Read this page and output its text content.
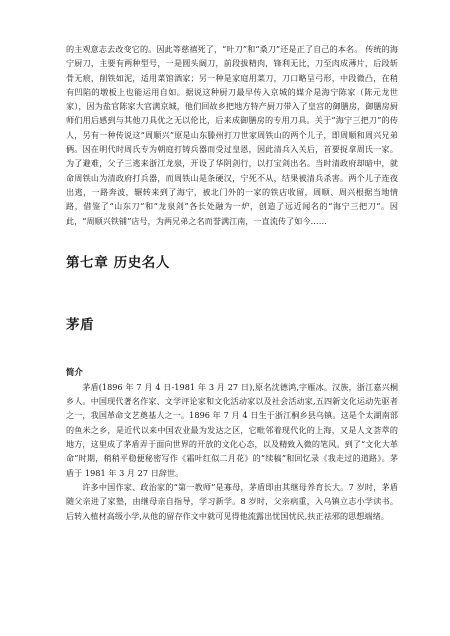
的主观意志去改变它的。因此等慈禧死了，“叶刀”和“桑刀”还是正了自己的本名。 传统的海宁厨刀，主要有两种型号，一是圆头阔刀，前段拔精肉，锋利无比，刀至肉成薄片，后段斩骨无痕，削铁如泥，适用菜馆酒家；另一种是家庭用菜刀，刀口略呈弓形，中段微凸，在稍有凹陷的墩板上也能运用自如。据说这种厨刀最早传入京城的媒介是海宁陈家（陈元龙世家），因为盐官陈家大官满京城，他们回故乡把地方特产厨刀带入了皇宫的御膳房，御膳房厨师们用后感到与其他刀具优之无以伦比，后来成御膳房的专用刀具。关于“海宁三把刀”的传人，另有一种传说这“周顺兴”原是山东滕州打刀世家周铁山的两个儿子，即周顺和周兴兄弟俩。因在明代时周氏专为朝庭打铸兵器而受过皇恩，因此清兵入关后，首要捉拿周氏一家。为了避难，父子三逃来浙江龙泉，开设了华阴剑行，以打宝剑出名。当时清政府却暗中，就命周铁山为清政府打兵器，而周铁山是条硬汉，宁死不从，结果被清兵杀害。两个儿子连夜出逃，一路奔波，辗转来到了海宁，被北门外的一家的铁店收留，周顺、周兴根据当地情路，借鉴了“山东刀”和“龙泉剑”各长处融为一炉，创造了远近闻名的“海宁三把刀”。因此，“周顺兴铁铺”店号，为两兄弟之名而誉满江南，一直流传了如今……

第七章 历史名人
茅盾
简介

茅盾(1896 年 7 月 4 日-1981 年 3 月 27 日),原名沈德鸿,字雁冰。汉族，浙江嘉兴桐乡人。中国现代著名作家、文学评论家和文化活动家以及社会活动家,五四新文化运动先驱者之一，我国革命文艺奠基人之一。1896 年 7 月 4 日生于浙江桐乡县乌镇。这是个太湖南部的鱼米之乡，是近代以来中国农业最为发达之区，它毗邻着现代化的上海，又是人文荟萃的地方，这里成了茅盾弄于面向世界的开放的文化心态，以及精致入微的笔风。到了“文化大革命”时期，稍稍平稳便秘密写作《霜叶红似二月花》的“续稿”和回忆录《我走过的道路》。茅盾于 1981 年 3 月 27 日辞世。

许多中国作家、政治家的“第一教师”是寡母，茅盾即由其继母养育长大。7 岁时，茅盾随父亲进了家塾，由继母亲自指导，学习新学。8 岁时，父亲病重，入乌镇立志小学读书。后转入植材高级小学,从他的留存作文中就可见得他流露出忧国忧民,扶正祛邪的思想端绪。
